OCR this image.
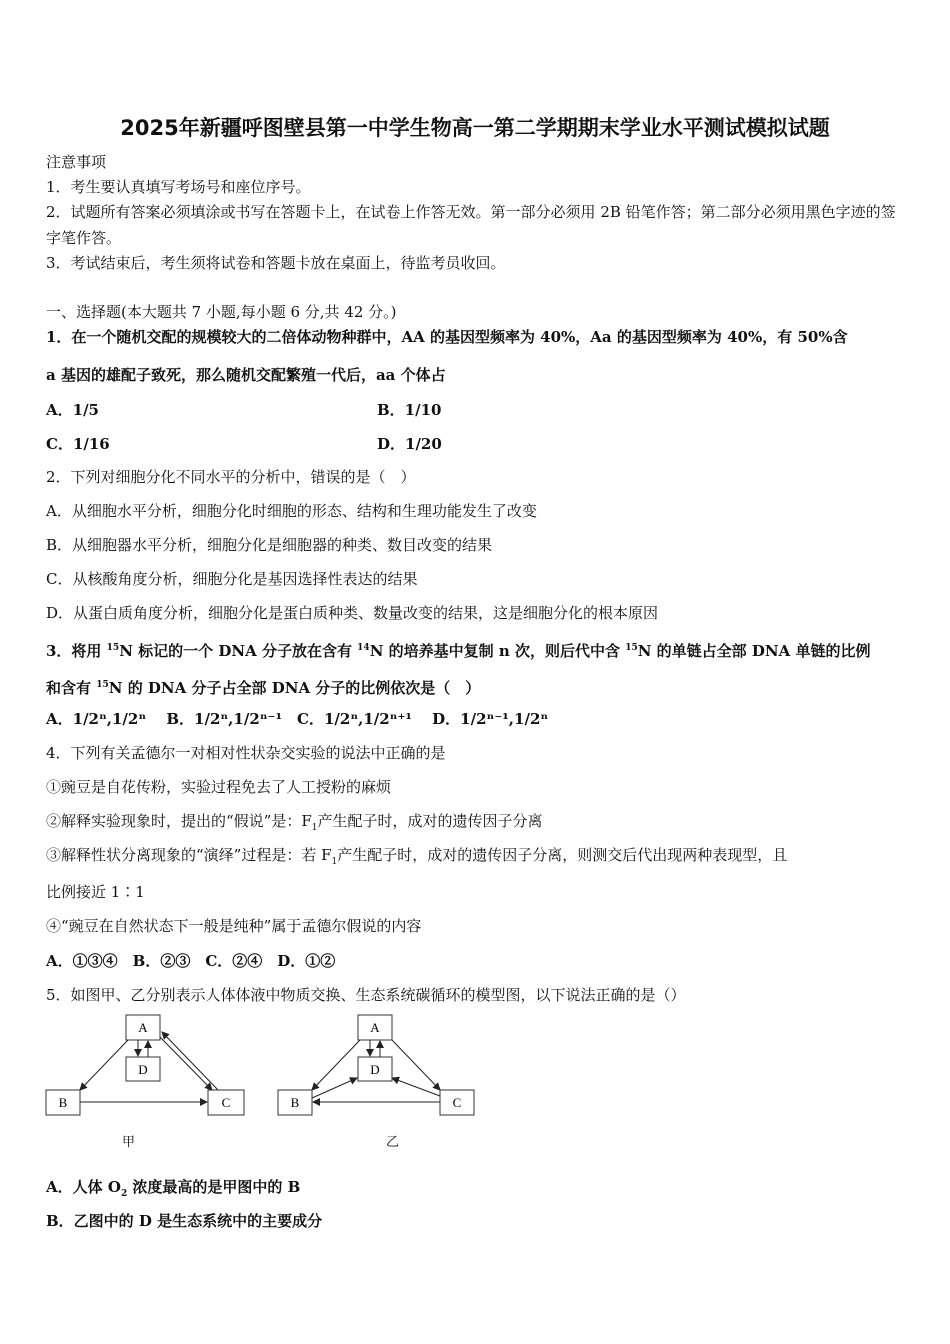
2025年新疆呼图壁县第一中学生物高一第二学期期末学业水平测试模拟试题
注意事项
1．考生要认真填写考场号和座位序号。
2．试题所有答案必须填涂或书写在答题卡上，在试卷上作答无效。第一部分必须用 2B 铅笔作答；第二部分必须用黑色字迹的签字笔作答。
3．考试结束后，考生须将试卷和答题卡放在桌面上，待监考员收回。
一、选择题(本大题共 7 小题,每小题 6 分,共 42 分。)
1．在一个随机交配的规模较大的二倍体动物种群中，AA 的基因型频率为 40%，Aa 的基因型频率为 40%，有 50%含
a 基因的雄配子致死，那么随机交配繁殖一代后，aa 个体占
A．1/5	B．1/10
C．1/16	D．1/20
2．下列对细胞分化不同水平的分析中，错误的是（　）
A．从细胞水平分析，细胞分化时细胞的形态、结构和生理功能发生了改变
B．从细胞器水平分析，细胞分化是细胞器的种类、数目改变的结果
C．从核酸角度分析，细胞分化是基因选择性表达的结果
D．从蛋白质角度分析，细胞分化是蛋白质种类、数量改变的结果，这是细胞分化的根本原因
3．将用 $^{15}$N 标记的一个 DNA 分子放在含有 $^{14}$N 的培养基中复制 n 次，则后代中含 $^{15}$N 的单链占全部 DNA 单链的比例
和含有 $^{15}$N 的 DNA 分子占全部 DNA 分子的比例依次是（　）
A．1/2ⁿ,1/2ⁿ　 B．1/2ⁿ,1/2ⁿ⁻¹　C．1/2ⁿ,1/2ⁿ⁺¹　 D．1/2ⁿ⁻¹,1/2ⁿ
4．下列有关孟德尔一对相对性状杂交实验的说法中正确的是
①豌豆是自花传粉，实验过程免去了人工授粉的麻烦
②解释实验现象时，提出的“假说”是：$F_1$产生配子时，成对的遗传因子分离
③解释性状分离现象的“演绎”过程是：若 $F_1$产生配子时，成对的遗传因子分离，则测交后代出现两种表现型，且
比例接近 1∶1
④“豌豆在自然状态下一般是纯种”属于孟德尔假说的内容
A．①③④　B．②③　C．②④　D．①②
5．如图甲、乙分别表示人体体液中物质交换、生态系统碳循环的模型图，以下说法正确的是（）
A
D
B	C
甲
A
D
B	C
乙
A．人体 $O_2$ 浓度最高的是甲图中的 B
B．乙图中的 D 是生态系统中的主要成分
